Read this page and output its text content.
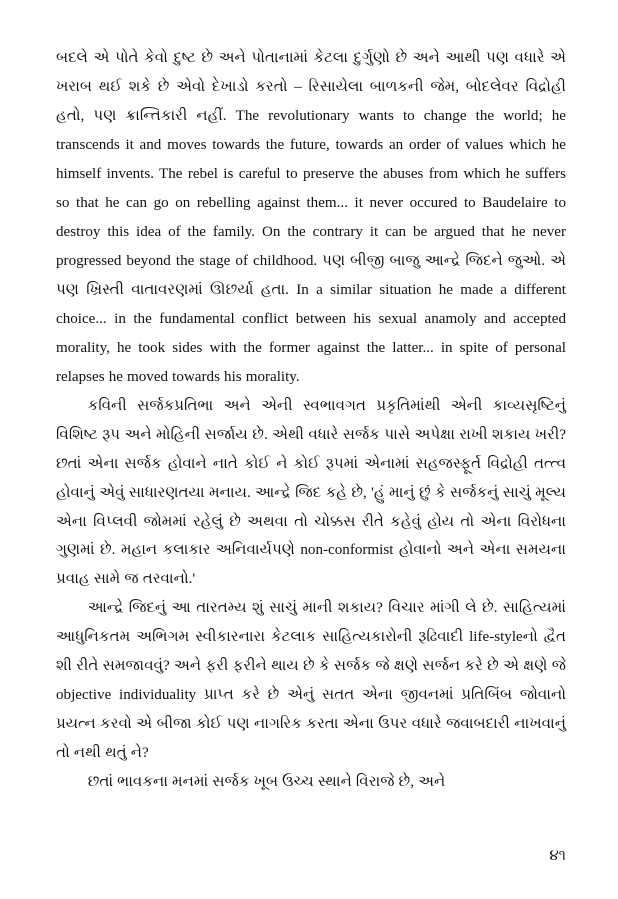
બદલે એ પોતે કેવો દુષ્ટ છે અને પોતાનામાં કેટલા દુર્ગુણો છે અને આથી પણ વધારે એ ખરાબ થઈ શકે છે એવો દેખાડો કરતો – રિસાયેલા બાળકની જેમ, બોદલેવર વિદ્રોહી હતો, પણ ક્રાન્તિકારી નહીં. The revolutionary wants to change the world; he transcends it and moves towards the future, towards an order of values which he himself invents. The rebel is careful to preserve the abuses from which he suffers so that he can go on rebelling against them... it never occured to Baudelaire to destroy this idea of the family. On the contrary it can be argued that he never progressed beyond the stage of childhood. પણ બીજી બાજુ આન્દ્રે જિદને જુઓ. એ પણ ખ્રિસ્તી વાતાવરણમાં ઊછર્યા હતા. In a similar situation he made a different choice... in the fundamental conflict between his sexual anamoly and accepted morality, he took sides with the former against the latter... in spite of personal relapses he moved towards his morality.

કવિની સર્જકપ્રતિભા અને એની સ્વભાવગત પ્રકૃતિમાંથી એની કાવ્યસૃષ્ટિનું વિશિષ્ટ રૂપ અને મોહિની સર્જાય છે. એથી વધારે સર્જક પાસે અપેક્ષા રાખી શકાય ખરી? છતાં એના સર્જક હોવાને નાતે કોઈ ને કોઈ રૂપમાં એનામાં સહજસ્ફૂર્ત વિદ્રોહી તત્ત્વ હોવાનું એવું સાધારણતયા મનાય. આન્દ્રે જિદ કહે છે, 'હું માનું છું કે સર્જકનું સાચું મૂલ્ય એના વિપ્લવી જોમમાં રહેલું છે અથવા તો ચોક્કસ રીતે કહેવું હોય તો એના વિરોધના ગુણમાં છે. મહાન કલાકાર અનિવાર્યપણે non-conformist હોવાનો અને એના સમયના પ્રવાહ સામે જ તરવાનો.'

આન્દ્રે જિદનું આ તારતમ્ય શું સાચું માની શકાય? વિચાર માંગી લે છે. સાહિત્યમાં આધુનિકતમ અભિગમ સ્વીકારનારા કેટલાક સાહિત્યકારોની રૂઢિવાદી life-styleનો દ્વૈત શી રીતે સમજાવવું? અને ફરી ફરીને થાય છે કે સર્જક જે ક્ષણે સર્જન કરે છે એ ક્ષણે જે objective individuality પ્રાપ્ત કરે છે એનું સતત એના જીવનમાં પ્રતિબિંબ જોવાનો પ્રયત્ન કરવો એ બીજા કોઈ પણ નાગરિક કરતા એના ઉપર વધારે જવાબદારી નાખવાનું તો નથી થતું ને?

છતાં ભાવકના મનમાં સર્જક ખૂબ ઉચ્ચ સ્થાને વિરાજે છે, અને

૪૧
